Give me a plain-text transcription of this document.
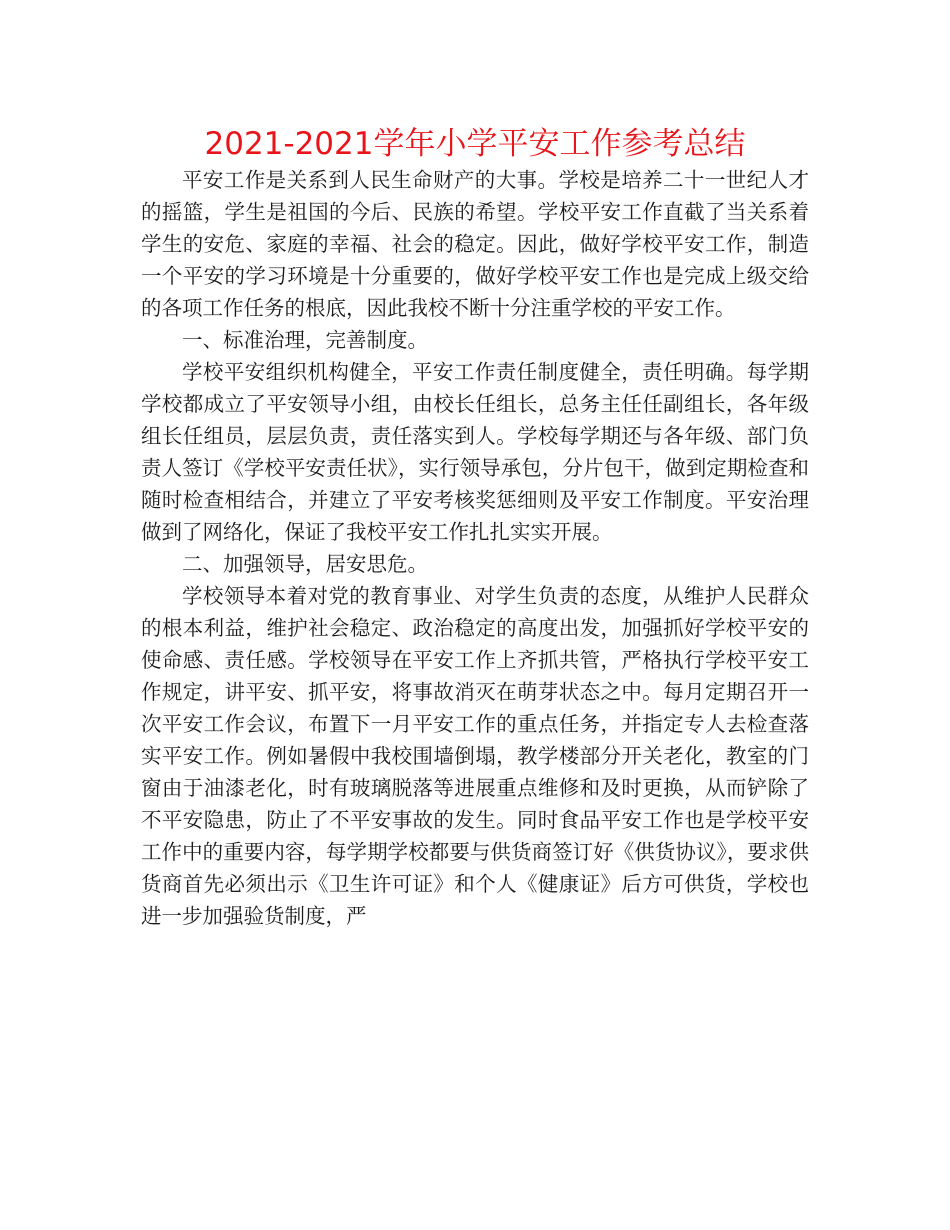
2021-2021学年小学平安工作参考总结

平安工作是关系到人民生命财产的大事。学校是培养二十一世纪人才的摇篮，学生是祖国的今后、民族的希望。学校平安工作直截了当关系着学生的安危、家庭的幸福、社会的稳定。因此，做好学校平安工作，制造一个平安的学习环境是十分重要的，做好学校平安工作也是完成上级交给的各项工作任务的根底，因此我校不断十分注重学校的平安工作。

一、标准治理，完善制度。

学校平安组织机构健全，平安工作责任制度健全，责任明确。每学期学校都成立了平安领导小组，由校长任组长，总务主任任副组长，各年级组长任组员，层层负责，责任落实到人。学校每学期还与各年级、部门负责人签订《学校平安责任状》，实行领导承包，分片包干，做到定期检查和随时检查相结合，并建立了平安考核奖惩细则及平安工作制度。平安治理做到了网络化，保证了我校平安工作扎扎实实开展。

二、加强领导，居安思危。

学校领导本着对党的教育事业、对学生负责的态度，从维护人民群众的根本利益，维护社会稳定、政治稳定的高度出发，加强抓好学校平安的使命感、责任感。学校领导在平安工作上齐抓共管，严格执行学校平安工作规定，讲平安、抓平安，将事故消灭在萌芽状态之中。每月定期召开一次平安工作会议，布置下一月平安工作的重点任务，并指定专人去检查落实平安工作。例如暑假中我校围墙倒塌，教学楼部分开关老化，教室的门窗由于油漆老化，时有玻璃脱落等进展重点维修和及时更换，从而铲除了不平安隐患，防止了不平安事故的发生。同时食品平安工作也是学校平安工作中的重要内容，每学期学校都要与供货商签订好《供货协议》，要求供货商首先必须出示《卫生许可证》和个人《健康证》后方可供货，学校也进一步加强验货制度，严
